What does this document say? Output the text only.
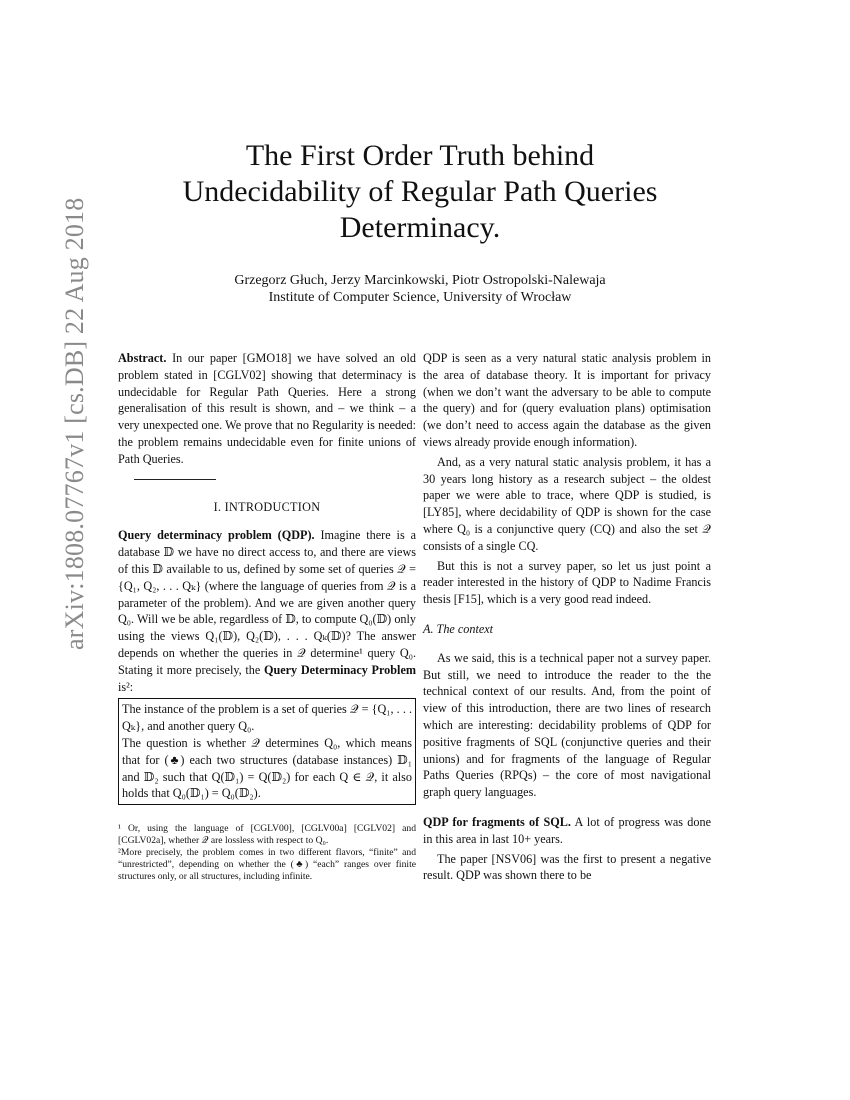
arXiv:1808.07767v1 [cs.DB] 22 Aug 2018
The First Order Truth behind
Undecidability of Regular Path Queries
Determinacy.
Grzegorz Głuch, Jerzy Marcinkowski, Piotr Ostropolski-Nalewaja
Institute of Computer Science, University of Wrocław

Abstract. In our paper [GMO18] we have solved an old problem stated in [CGLV02] showing that determinacy is undecidable for Regular Path Queries. Here a strong generalisation of this result is shown, and – we think – a very unexpected one. We prove that no Regularity is needed: the problem remains undecidable even for finite unions of Path Queries.

I. INTRODUCTION

Query determinacy problem (QDP). Imagine there is a database 𝔻 we have no direct access to, and there are views of this 𝔻 available to us, defined by some set of queries 𝒬 = {Q₁, Q₂, . . . Qₖ} (where the language of queries from 𝒬 is a parameter of the problem). And we are given another query Q₀. Will we be able, regardless of 𝔻, to compute Q₀(𝔻) only using the views Q₁(𝔻), Q₂(𝔻), . . . Qₖ(𝔻)? The answer depends on whether the queries in 𝒬 determine¹ query Q₀. Stating it more precisely, the Query Determinacy Problem is²:

The instance of the problem is a set of queries 𝒬 = {Q₁, . . . Qₖ}, and another query Q₀.

The question is whether 𝒬 determines Q₀, which means that for (♣) each two structures (database instances) 𝔻₁ and 𝔻₂ such that Q(𝔻₁) = Q(𝔻₂) for each Q ∈ 𝒬, it also holds that Q₀(𝔻₁) = Q₀(𝔻₂).

¹ Or, using the language of [CGLV00], [CGLV00a] [CGLV02] and [CGLV02a], whether 𝒬 are lossless with respect to Q₀.

²More precisely, the problem comes in two different flavors, “finite” and “unrestricted”, depending on whether the (♣) “each” ranges over finite structures only, or all structures, including infinite.

QDP is seen as a very natural static analysis problem in the area of database theory. It is important for privacy (when we don’t want the adversary to be able to compute the query) and for (query evaluation plans) optimisation (we don’t need to access again the database as the given views already provide enough information).

And, as a very natural static analysis problem, it has a 30 years long history as a research subject – the oldest paper we were able to trace, where QDP is studied, is [LY85], where decidability of QDP is shown for the case where Q₀ is a conjunctive query (CQ) and also the set 𝒬 consists of a single CQ.

But this is not a survey paper, so let us just point a reader interested in the history of QDP to Nadime Francis thesis [F15], which is a very good read indeed.

A. The context

As we said, this is a technical paper not a survey paper. But still, we need to introduce the reader to the the technical context of our results. And, from the point of view of this introduction, there are two lines of research which are interesting: decidability problems of QDP for positive fragments of SQL (conjunctive queries and their unions) and for fragments of the language of Regular Paths Queries (RPQs) – the core of most navigational graph query languages.

QDP for fragments of SQL. A lot of progress was done in this area in last 10+ years.

The paper [NSV06] was the first to present a negative result. QDP was shown there to be
